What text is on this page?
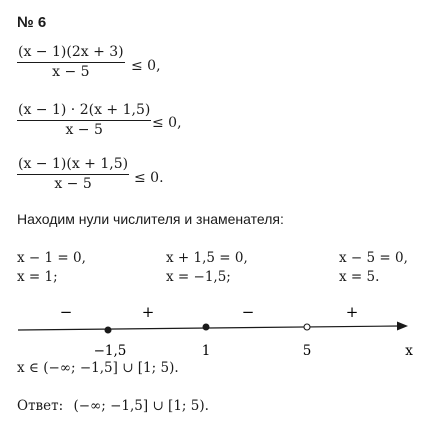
№ 6
(x − 1)(2x + 3)
x − 5	≤ 0,
(x − 1) · 2(x + 1,5)
x − 5	≤ 0,
(x − 1)(x + 1,5)
x − 5	≤ 0.
Находим нули числителя и знаменателя:
x − 1 = 0,
x = 1;
x + 1,5 = 0,
x = −1,5;
x − 5 = 0,
x = 5.
−	+	−	+
−1,5	1	5	x
x ∈ (−∞; −1,5] ∪ [1; 5).
Ответ: (−∞; −1,5] ∪ [1; 5).
